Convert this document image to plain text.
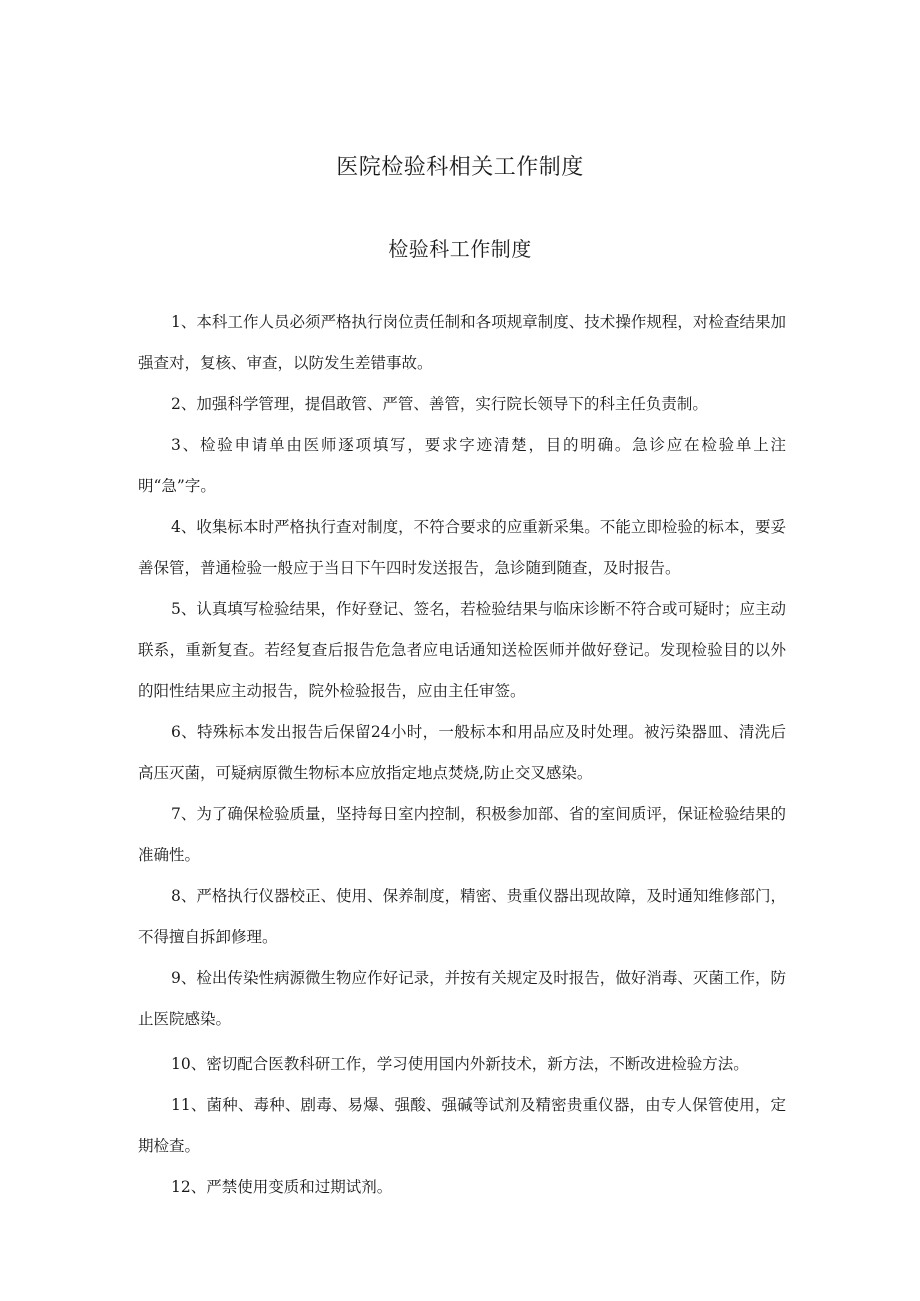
医院检验科相关工作制度
检验科工作制度
1、本科工作人员必须严格执行岗位责任制和各项规章制度、技术操作规程，对检查结果加强查对，复核、审查，以防发生差错事故。
2、加强科学管理，提倡敢管、严管、善管，实行院长领导下的科主任负责制。
3、检验申请单由医师逐项填写，要求字迹清楚，目的明确。急诊应在检验单上注明“急”字。
4、收集标本时严格执行查对制度，不符合要求的应重新采集。不能立即检验的标本，要妥善保管，普通检验一般应于当日下午四时发送报告，急诊随到随查，及时报告。
5、认真填写检验结果，作好登记、签名，若检验结果与临床诊断不符合或可疑时；应主动联系，重新复查。若经复查后报告危急者应电话通知送检医师并做好登记。发现检验目的以外的阳性结果应主动报告，院外检验报告，应由主任审签。
6、特殊标本发出报告后保留24小时，一般标本和用品应及时处理。被污染器皿、清洗后高压灭菌，可疑病原微生物标本应放指定地点焚烧,防止交叉感染。
7、为了确保检验质量，坚持每日室内控制，积极参加部、省的室间质评，保证检验结果的准确性。
8、严格执行仪器校正、使用、保养制度，精密、贵重仪器出现故障，及时通知维修部门，不得擅自拆卸修理。
9、检出传染性病源微生物应作好记录，并按有关规定及时报告，做好消毒、灭菌工作，防止医院感染。
10、密切配合医教科研工作，学习使用国内外新技术，新方法，不断改进检验方法。
11、菌种、毒种、剧毒、易爆、强酸、强碱等试剂及精密贵重仪器，由专人保管使用，定期检查。
12、严禁使用变质和过期试剂。
